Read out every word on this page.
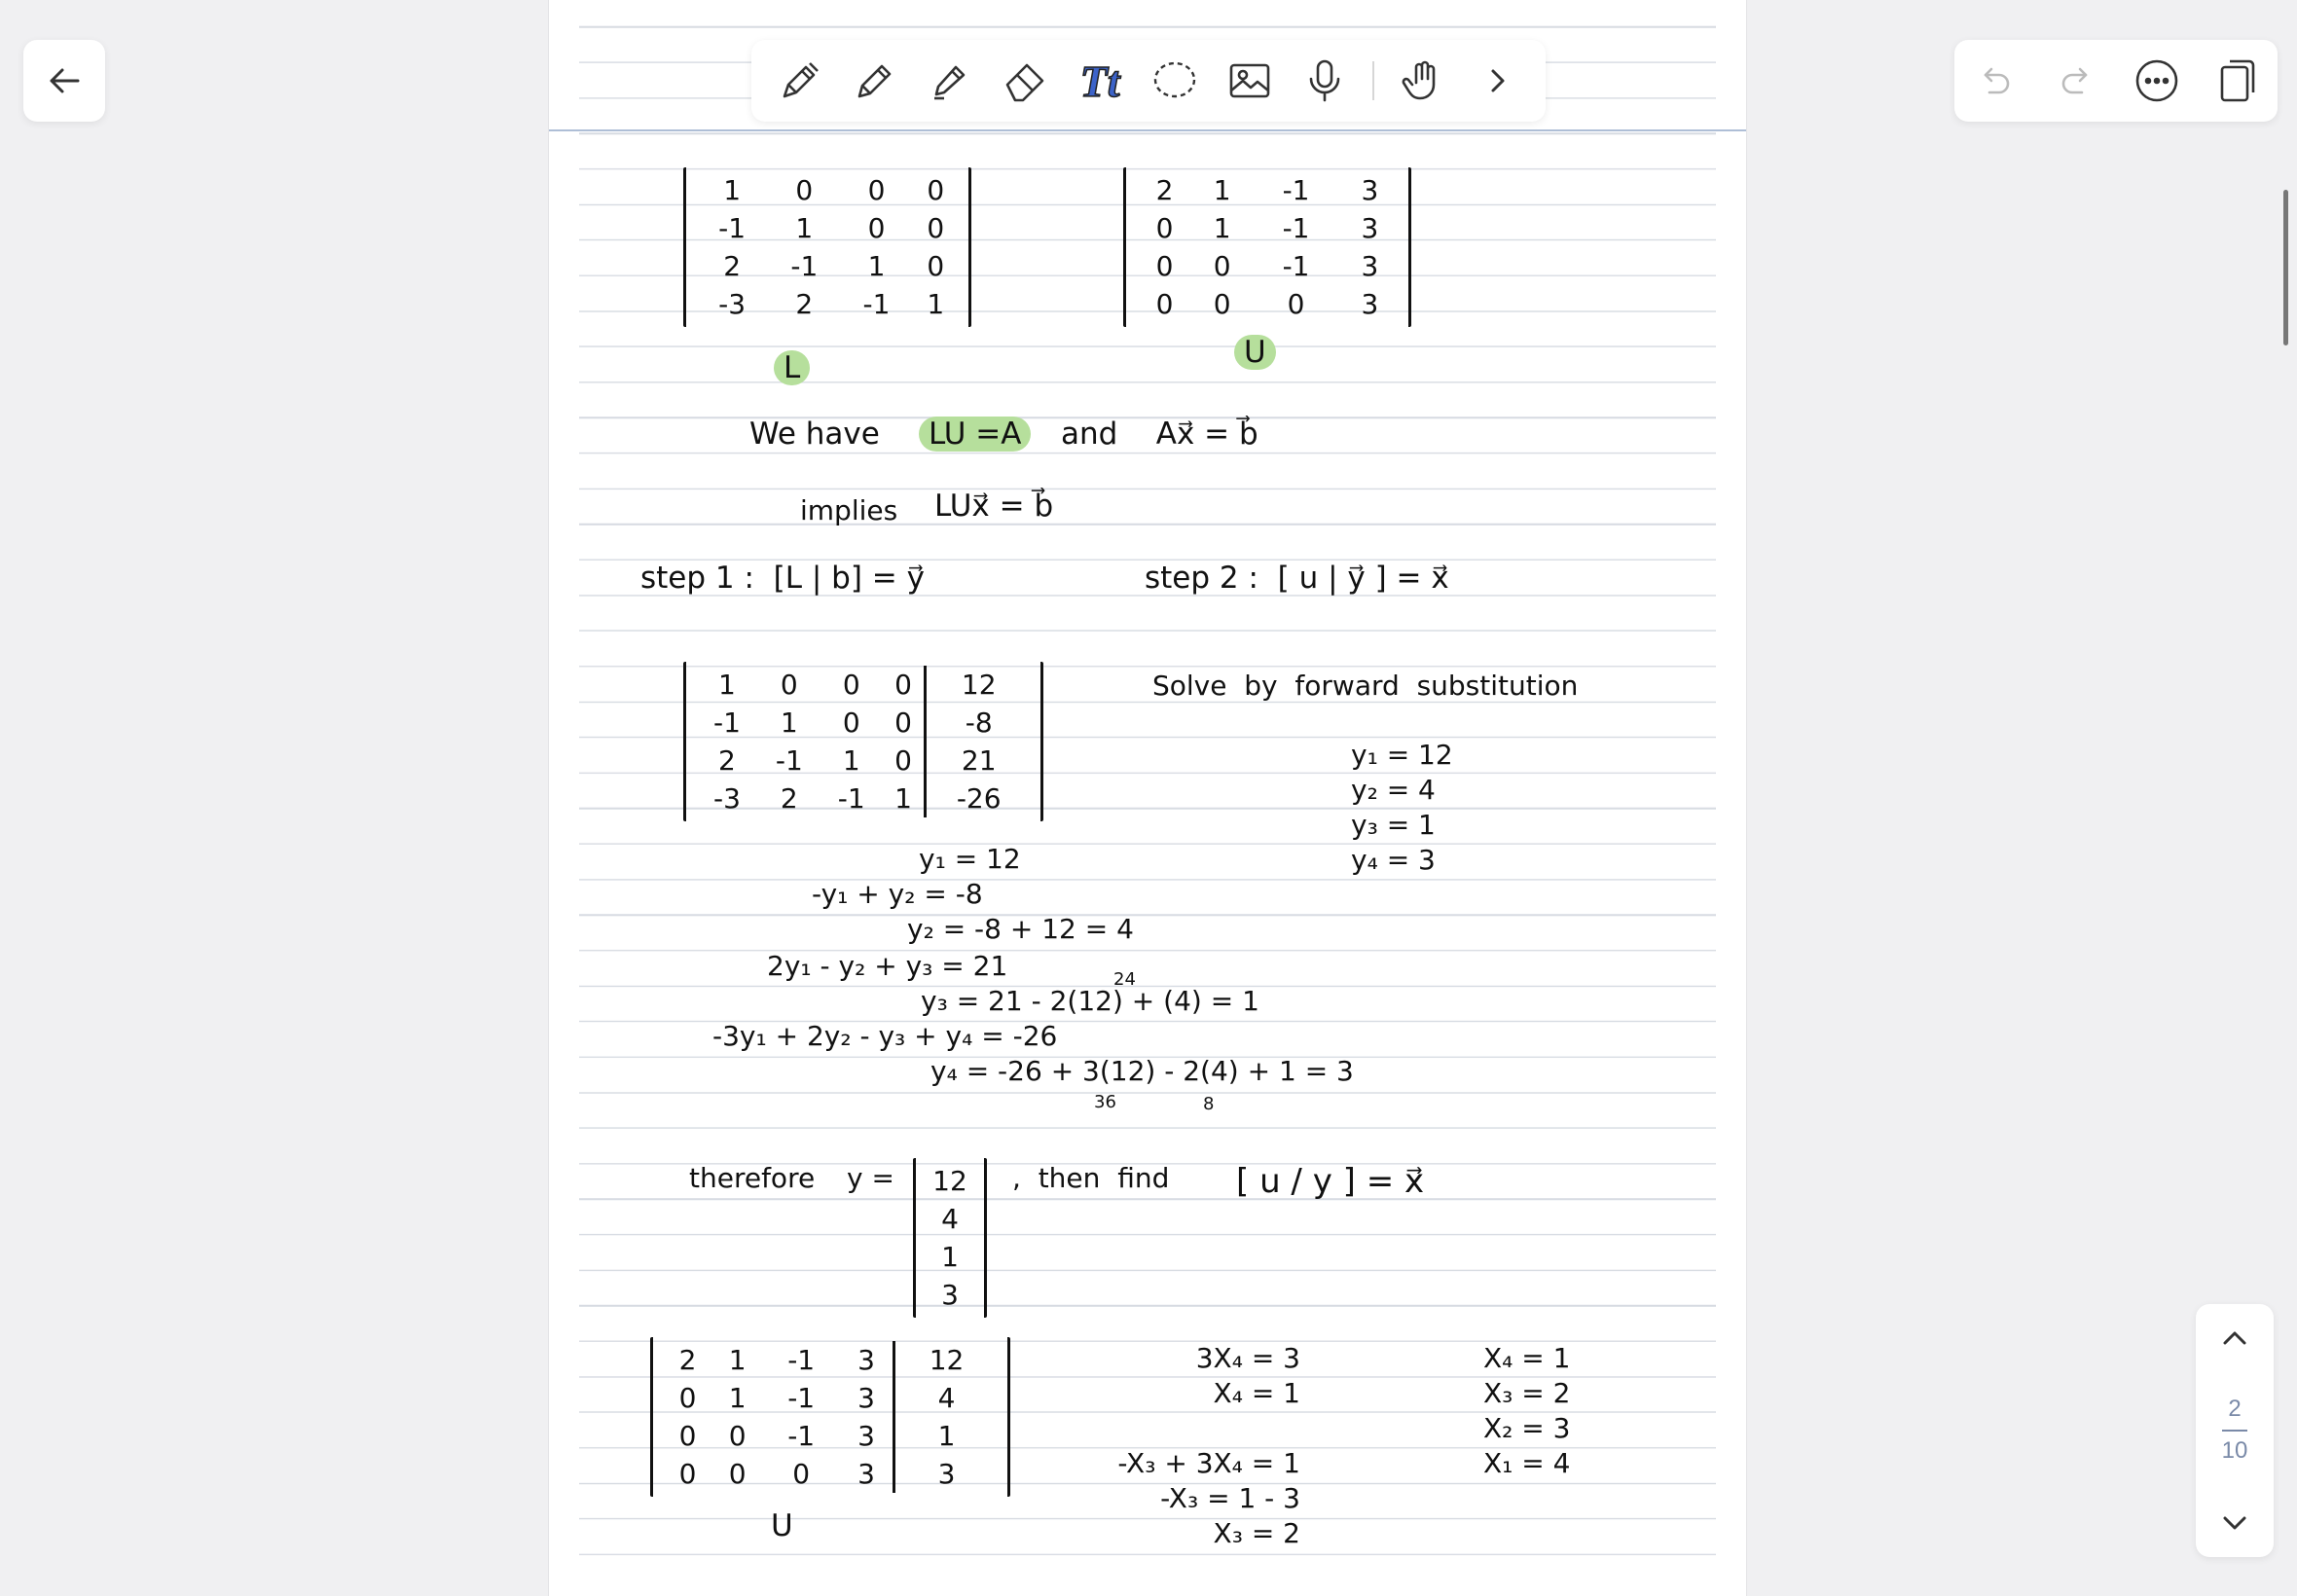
Tt
2
10
1	0	0	0
-1	1	0	0
2	-1	1	0
-3	2	-1	1
2	1	-1	3
0	1	-1	3
0	0	-1	3
0	0	0	3
L	U
We have	LU =A	and    Ax⃗ = b⃗
implies LUx⃗ = b⃗
step 1 :  [L | b] = y⃗	step 2 :  [ u | y⃗ ] = x⃗
1	0	0	0	12
-1	1	0	0	-8
2	-1	1	0	21
-3	2	-1	1	-26
Solve  by  forward  substitution
y₁ = 12
y₂ = 4
y₃ = 1
y₄ = 3
y₁ = 12
-y₁ + y₂ = -8
y₂ = -8 + 12 = 4
2y₁ - y₂ + y₃ = 21	24
y₃ = 21 - 2(12) + (4) = 1
-3y₁ + 2y₂ - y₃ + y₄ = -26
y₄ = -26 + 3(12) - 2(4) + 1 = 3
36	8
therefore y = 12
4
1
3
,  then  find [ u / y ] = x⃗
2	1	-1	3	12
0	1	-1	3	4
0	0	-1	3	1
0	0	0	3	3
U
3X₄ = 3
X₄ = 1
-X₃ + 3X₄ = 1
-X₃ = 1 - 3
X₃ = 2
X₄ = 1
X₃ = 2
X₂ = 3
X₁ = 4
